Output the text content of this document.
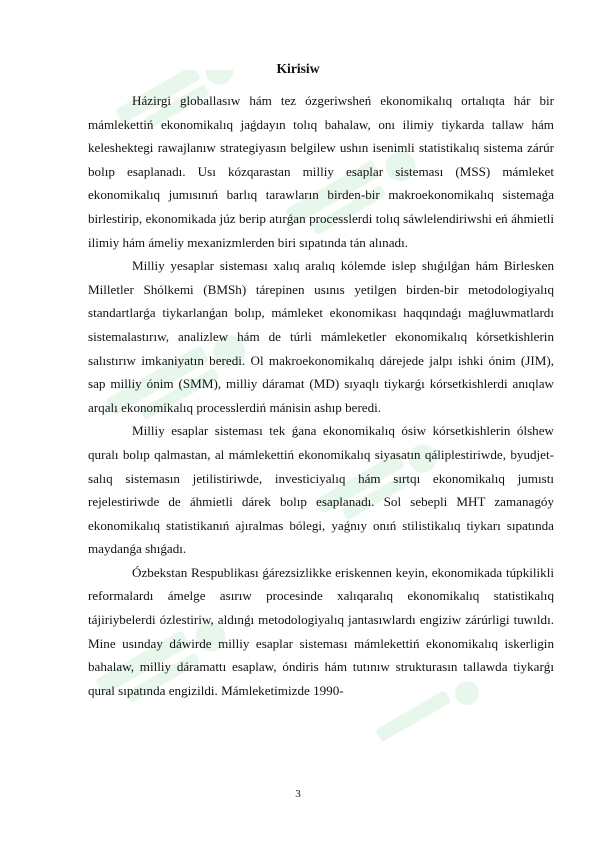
Kirisiw

Házirgi globallasıw hám tez ózgeriwsheń ekonomikalıq ortalıqta hár bir mámlekettiń ekonomikalıq jaǵdayın tolıq bahalaw, onı ilimiy tiykarda tallaw hám keleshektegi rawajlanıw strategiyasın belgilew ushın isenimli statistikalıq sistema zárúr bolıp esaplanadı. Usı kózqarastan milliy esaplar sisteması (MSS) mámleket ekonomikalıq jumısınıń barlıq tarawların birden-bir makroekonomikalıq sistemaǵa birlestirip, ekonomikada júz berip atırǵan processlerdi tolıq sáwlelendiriwshi eń áhmietli ilimiy hám ámeliy mexanizmlerden biri sıpatında tán alınadı.

Milliy yesaplar sisteması xalıq aralıq kólemde islep shıǵılǵan hám Birlesken Milletler Shólkemi (BMSh) tárepinen usınıs yetilgen birden-bir metodologiyalıq standartlarǵa tiykarlanǵan bolıp, mámleket ekonomikası haqqındaǵı maǵluwmatlardı sistemalastırıw, analizlew hám de túrli mámleketler ekonomikalıq kórsetkishlerin salıstırıw imkaniyatın beredi. Ol makroekonomikalıq dárejede jalpı ishki ónim (JIM), sap milliy ónim (SMM), milliy dáramat (MD) sıyaqlı tiykarǵı kórsetkishlerdi anıqlaw arqalı ekonomikalıq processlerdiń mánisin ashıp beredi.

Milliy esaplar sisteması tek ǵana ekonomikalıq ósiw kórsetkishlerin ólshew quralı bolıp qalmastan, al mámlekettiń ekonomikalıq siyasatın qáliplestiriwde, byudjet-salıq sistemasın jetilistiriwde, investiciyalıq hám sırtqı ekonomikalıq jumıstı rejelestiriwde de áhmietli dárek bolıp esaplanadı. Sol sebepli MHT zamanagóy ekonomikalıq statistikanıń ajıralmas bólegi, yaǵnıy onıń stilistikalıq tiykarı sıpatında maydanǵa shıǵadı.

Ózbekstan Respublikası ǵárezsizlikke eriskennen keyin, ekonomikada túpkilikli reformalardı ámelge asırıw procesinde xalıqaralıq ekonomikalıq statistikalıq tájiriybelerdi ózlestiriw, aldınǵı metodologiyalıq jantasıwlardı engiziw zárúrligi tuwıldı. Mine usınday dáwirde milliy esaplar sisteması mámlekettiń ekonomikalıq iskerligin bahalaw, milliy dáramattı esaplaw, óndiris hám tutınıw strukturasın tallawda tiykarǵı qural sıpatında engizildi. Mámleketimizde 1990-

3
